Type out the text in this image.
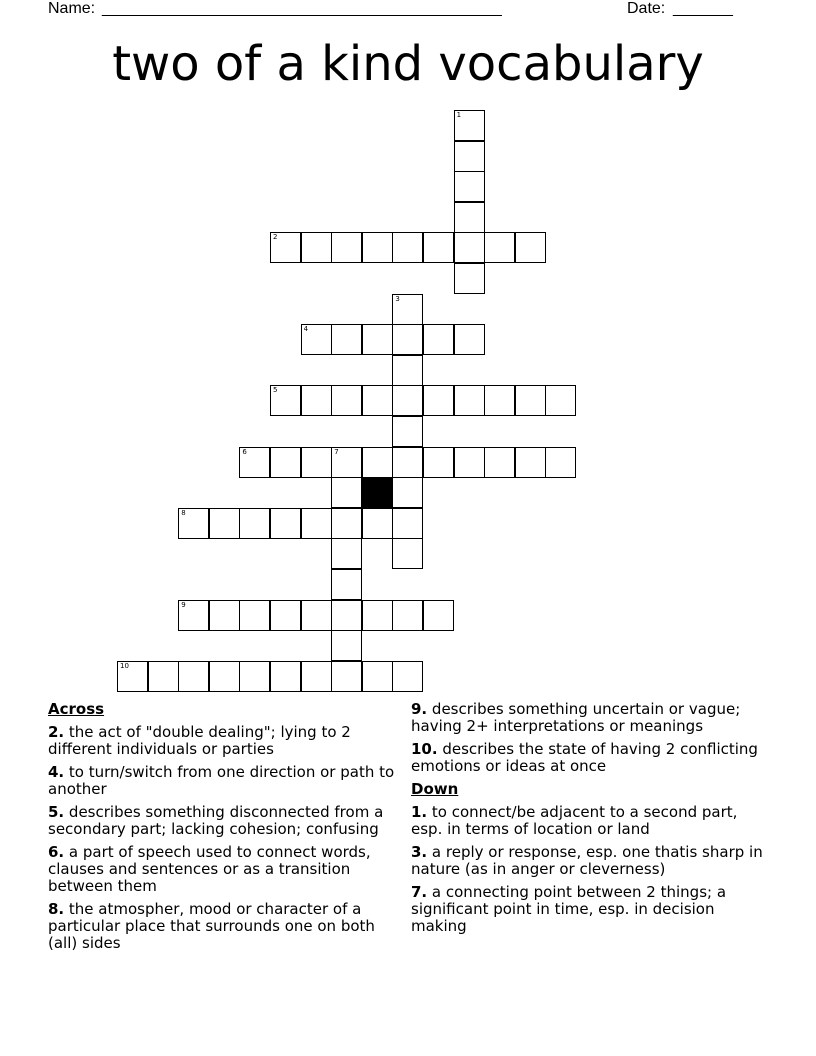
Name: _______________________________________________	Date: _______
two of a kind vocabulary
1
2
3
4
5
6	7
8
9
10
Across
2. the act of "double dealing"; lying to 2 different individuals or parties
4. to turn/switch from one direction or path to another
5. describes something disconnected from a secondary part; lacking cohesion; confusing
6. a part of speech used to connect words, clauses and sentences or as a transition between them
8. the atmospher, mood or character of a particular place that surrounds one on both (all) sides
9. describes something uncertain or vague; having 2+ interpretations or meanings
10. describes the state of having 2 conflicting emotions or ideas at once
Down
1. to connect/be adjacent to a second part, esp. in terms of location or land
3. a reply or response, esp. one thatis sharp in nature (as in anger or cleverness)
7. a connecting point between 2 things; a significant point in time, esp. in decision making
